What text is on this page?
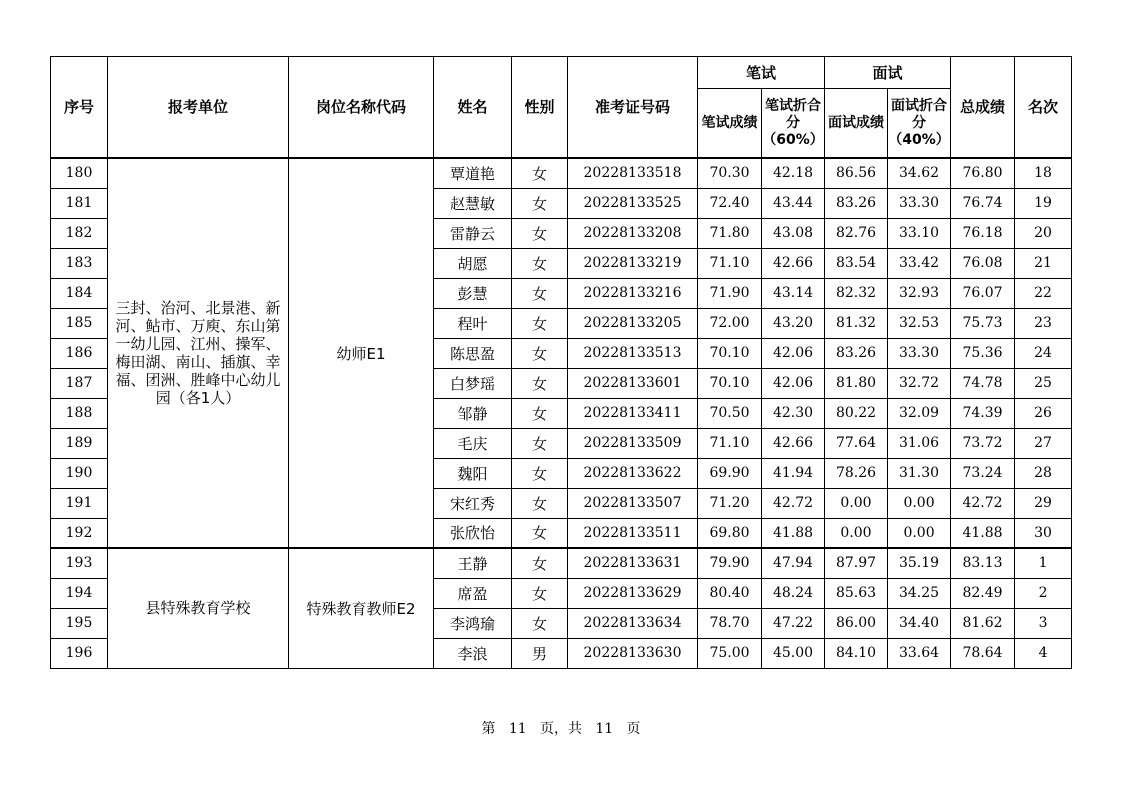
序号	报考单位	岗位名称代码	姓名	性别	准考证号码	笔试		面试		总成绩	名次
						笔试成绩	笔试折合分（60%）	面试成绩	面试折合分（40%）		
180	三封、治河、北景港、新河、鲇市、万庾、东山第一幼儿园、江州、操军、梅田湖、南山、插旗、幸福、团洲、胜峰中心幼儿园（各1人）	幼师E1	覃道艳	女	20228133518	70.30	42.18	86.56	34.62	76.80	18
181			赵慧敏	女	20228133525	72.40	43.44	83.26	33.30	76.74	19
182			雷静云	女	20228133208	71.80	43.08	82.76	33.10	76.18	20
183			胡愿	女	20228133219	71.10	42.66	83.54	33.42	76.08	21
184			彭慧	女	20228133216	71.90	43.14	82.32	32.93	76.07	22
185			程叶	女	20228133205	72.00	43.20	81.32	32.53	75.73	23
186			陈思盈	女	20228133513	70.10	42.06	83.26	33.30	75.36	24
187			白梦瑶	女	20228133601	70.10	42.06	81.80	32.72	74.78	25
188			邹静	女	20228133411	70.50	42.30	80.22	32.09	74.39	26
189			毛庆	女	20228133509	71.10	42.66	77.64	31.06	73.72	27
190			魏阳	女	20228133622	69.90	41.94	78.26	31.30	73.24	28
191			宋红秀	女	20228133507	71.20	42.72	0.00	0.00	42.72	29
192			张欣怡	女	20228133511	69.80	41.88	0.00	0.00	41.88	30
193	县特殊教育学校	特殊教育教师E2	王静	女	20228133631	79.90	47.94	87.97	35.19	83.13	1
194			席盈	女	20228133629	80.40	48.24	85.63	34.25	82.49	2
195			李鸿瑜	女	20228133634	78.70	47.22	86.00	34.40	81.62	3
196			李浪	男	20228133630	75.00	45.00	84.10	33.64	78.64	4
第 11 页，共 11 页
